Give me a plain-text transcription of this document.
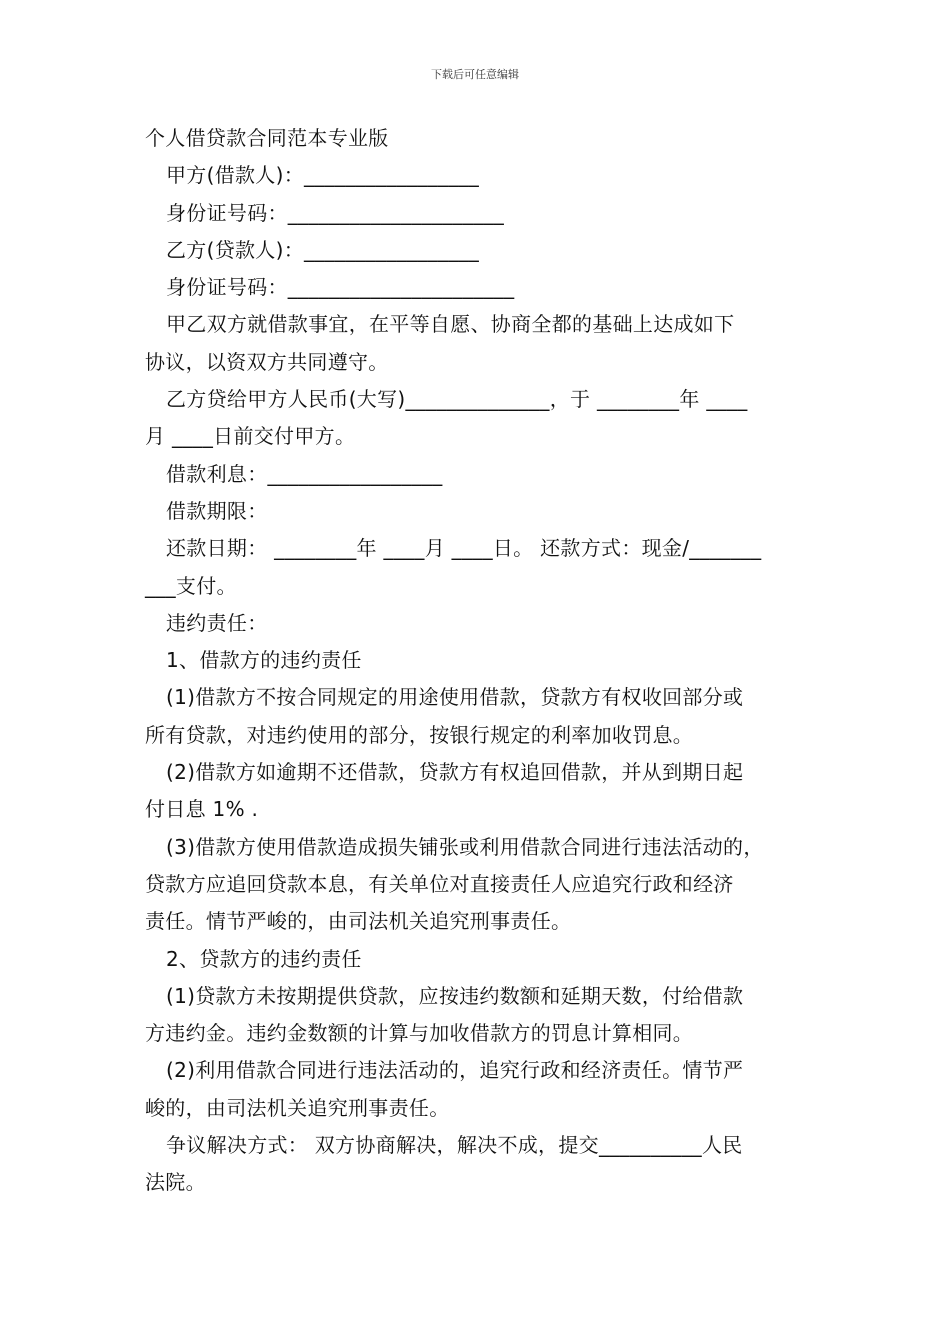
下载后可任意编辑
个人借贷款合同范本专业版
甲方(借款人)：_________________
身份证号码：_____________________
乙方(贷款人)：_________________
身份证号码：______________________
甲乙双方就借款事宜，在平等自愿、协商全都的基础上达成如下
协议，以资双方共同遵守。
乙方贷给甲方人民币(大写)______________，于 ________年 ____
月 ____日前交付甲方。
借款利息：_________________
借款期限：
还款日期： ________年 ____月 ____日。 还款方式：现金/_______
___支付。
违约责任：
1、借款方的违约责任
(1)借款方不按合同规定的用途使用借款，贷款方有权收回部分或
所有贷款，对违约使用的部分，按银行规定的利率加收罚息。
(2)借款方如逾期不还借款，贷款方有权追回借款，并从到期日起
付日息 1% .
(3)借款方使用借款造成损失铺张或利用借款合同进行违法活动的，
贷款方应追回贷款本息，有关单位对直接责任人应追究行政和经济
责任。情节严峻的，由司法机关追究刑事责任。
2、贷款方的违约责任
(1)贷款方未按期提供贷款，应按违约数额和延期天数，付给借款
方违约金。违约金数额的计算与加收借款方的罚息计算相同。
(2)利用借款合同进行违法活动的，追究行政和经济责任。情节严
峻的，由司法机关追究刑事责任。
争议解决方式： 双方协商解决，解决不成，提交__________人民
法院。
